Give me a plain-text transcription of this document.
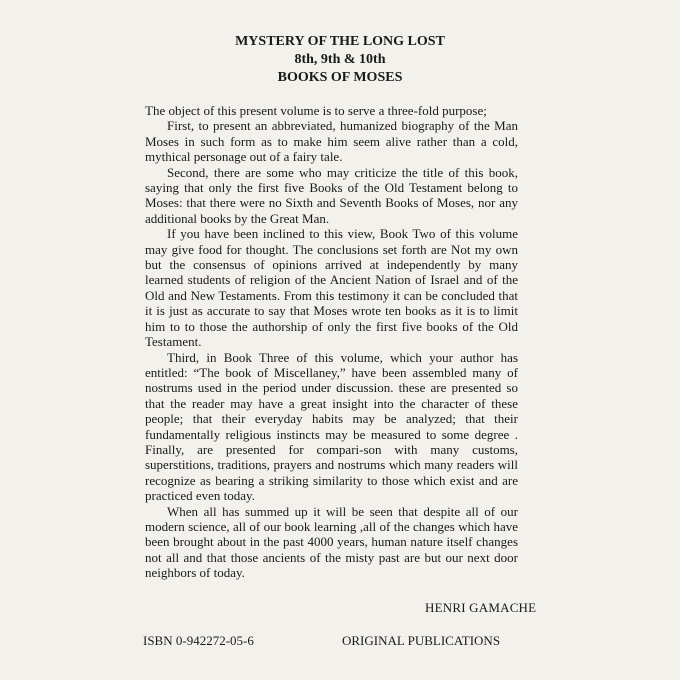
MYSTERY OF THE LONG LOST
8th, 9th & 10th
BOOKS OF MOSES

The object of this present volume is to serve a three-fold purpose;

First, to present an abbreviated, humanized biography of the Man Moses in such form as to make him seem alive rather than a cold, mythical personage out of a fairy tale.

Second, there are some who may criticize the title of this book, saying that only the first five Books of the Old Testament belong to Moses: that there were no Sixth and Seventh Books of Moses, nor any additional books by the Great Man.

If you have been inclined to this view, Book Two of this volume may give food for thought. The conclusions set forth are Not my own but the consensus of opinions arrived at independently by many learned students of religion of the Ancient Nation of Israel and of the Old and New Testaments. From this testimony it can be concluded that it is just as accurate to say that Moses wrote ten books as it is to limit him to to those the authorship of only the first five books of the Old Testament.

Third, in Book Three of this volume, which your author has entitled: “The book of Miscellaney,” have been assembled many of nostrums used in the period under discussion. these are presented so that the reader may have a great insight into the character of these people; that their everyday habits may be analyzed; that their fundamentally religious instincts may be measured to some degree . Finally, are presented for compari-son with many customs, superstitions, traditions, prayers and nostrums which many readers will recognize as bearing a striking similarity to those which exist and are practiced even today.

When all has summed up it will be seen that despite all of our modern science, all of our book learning ,all of the changes which have been brought about in the past 4000 years, human nature itself changes not all and that those ancients of the misty past are but our next door neighbors of today.

HENRI GAMACHE
ISBN 0-942272-05-6	ORIGINAL PUBLICATIONS
